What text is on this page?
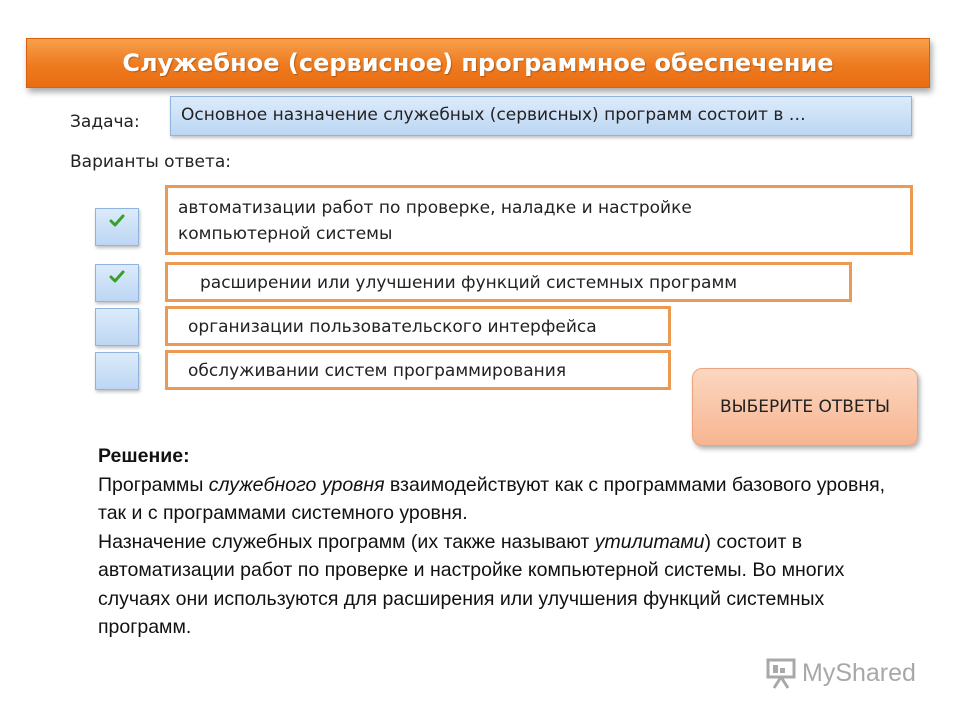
Служебное (сервисное) программное обеспечение
Задача:	Основное назначение служебных (сервисных) программ состоит в …
Варианты ответа:
автоматизации работ по проверке, наладке и настройке
компьютерной системы
расширении или улучшении функций системных программ
организации пользовательского интерфейса
обслуживании систем программирования
ВЫБЕРИТЕ ОТВЕТЫ
Решение:
Программы служебного уровня взаимодействуют как с программами базового уровня, так и с программами системного уровня.
Назначение служебных программ (их также называют утилитами) состоит в автоматизации работ по проверке и настройке компьютерной системы. Во многих случаях они используются для расширения или улучшения функций системных программ.
MyShared
